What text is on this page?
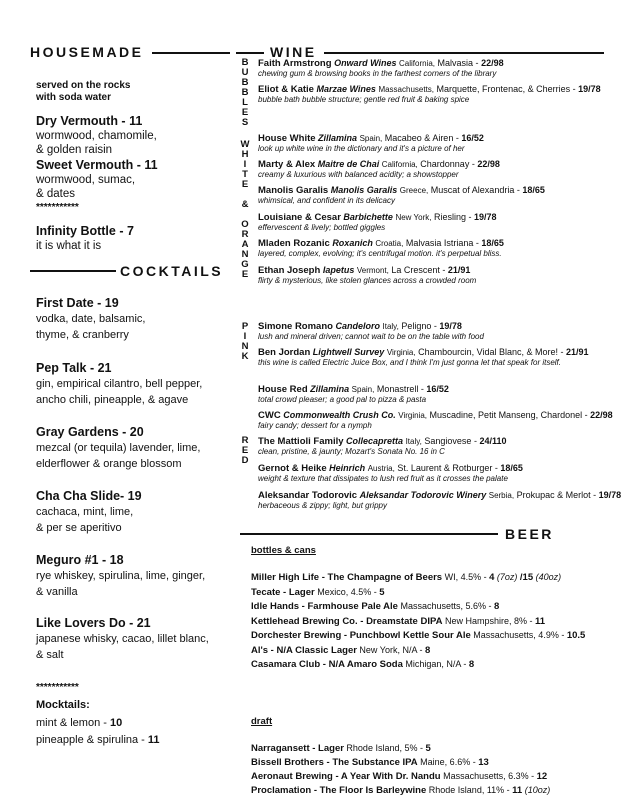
HOUSEMADE
served on the rocks
with soda water
Dry Vermouth - 11
wormwood, chamomile,
& golden raisin
Sweet Vermouth - 11
wormwood, sumac,
& dates
***********
Infinity Bottle - 7
it is what it is
COCKTAILS
First Date - 19
vodka, date, balsamic,
thyme, & cranberry
Pep Talk - 21
gin, empirical cilantro, bell pepper,
ancho chili, pineapple, & agave
Gray Gardens - 20
mezcal (or tequila) lavender, lime,
elderflower & orange blossom
Cha Cha Slide- 19
cachaca, mint, lime,
& per se aperitivo
Meguro #1 - 18
rye whiskey, spirulina, lime, ginger,
& vanilla
Like Lovers Do - 21
japanese whisky, cacao, lillet blanc,
& salt
***********
Mocktails:
mint & lemon - 10
pineapple & spirulina - 11
WINE
B
U
B
B
L
E
S
W
H
I
T
E

&

O
R
A
N
G
E
P
I
N
K
R
E
D
Faith Armstrong Onward Wines California, Malvasia - 22/98
chewing gum & browsing books in the farthest corners of the library
Eliot & Katie Marzae Wines Massachusetts, Marquette, Frontenac, & Cherries - 19/78
bubble bath bubble structure; gentle red fruit & baking spice
House White Zillamina Spain, Macabeo & Airen - 16/52
look up white wine in the dictionary and it's a picture of her
Marty & Alex Maitre de Chai California, Chardonnay - 22/98
creamy & luxurious with balanced acidity; a showstopper
Manolis Garalis Manolis Garalis Greece, Muscat of Alexandria - 18/65
whimsical, and confident in its delicacy
Louisiane & Cesar Barbichette New York, Riesling - 19/78
effervescent & lively; bottled giggles
Mladen Rozanic Roxanich Croatia, Malvasia Istriana - 18/65
layered, complex, evolving; it's centrifugal motion. it's perpetual bliss.
Ethan Joseph Iapetus Vermont, La Crescent - 21/91
flirty & mysterious, like stolen glances across a crowded room
Simone Romano Candeloro Italy, Peligno - 19/78
lush and mineral driven; cannot wait to be on the table with food
Ben Jordan Lightwell Survey Virginia, Chambourcin, Vidal Blanc, & More! - 21/91
this wine is called Electric Juice Box, and I think I'm just gonna let that speak for itself.
House Red Zillamina Spain, Monastrell - 16/52
total crowd pleaser; a good pal to pizza & pasta
CWC Commonwealth Crush Co. Virginia, Muscadine, Petit Manseng, Chardonel - 22/98
fairy candy; dessert for a nymph
The Mattioli Family Collecapretta Italy, Sangiovese - 24/110
clean, pristine, & jaunty; Mozart's Sonata No. 16 in C
Gernot & Heike Heinrich Austria, St. Laurent & Rotburger - 18/65
weight & texture that dissipates to lush red fruit as it crosses the palate
Aleksandar Todorovic Aleksandar Todorovic Winery Serbia, Prokupac & Merlot - 19/78
herbaceous & zippy; light, but grippy
BEER
bottles & cans
Miller High Life - The Champagne of Beers WI, 4.5% - 4 (7oz) /15 (40oz)
Tecate - Lager Mexico, 4.5% - 5
Idle Hands - Farmhouse Pale Ale Massachusetts, 5.6% - 8
Kettlehead Brewing Co. - Dreamstate DIPA New Hampshire, 8% - 11
Dorchester Brewing - Punchbowl Kettle Sour Ale Massachusetts, 4.9% - 10.5
Al's - N/A Classic Lager New York, N/A - 8
Casamara Club - N/A Amaro Soda Michigan, N/A - 8
draft
Narragansett - Lager Rhode Island, 5% - 5
Bissell Brothers - The Substance IPA Maine, 6.6% - 13
Aeronaut Brewing - A Year With Dr. Nandu Massachusetts, 6.3% - 12
Proclamation - The Floor Is Barleywine Rhode Island, 11% - 11 (10oz)
